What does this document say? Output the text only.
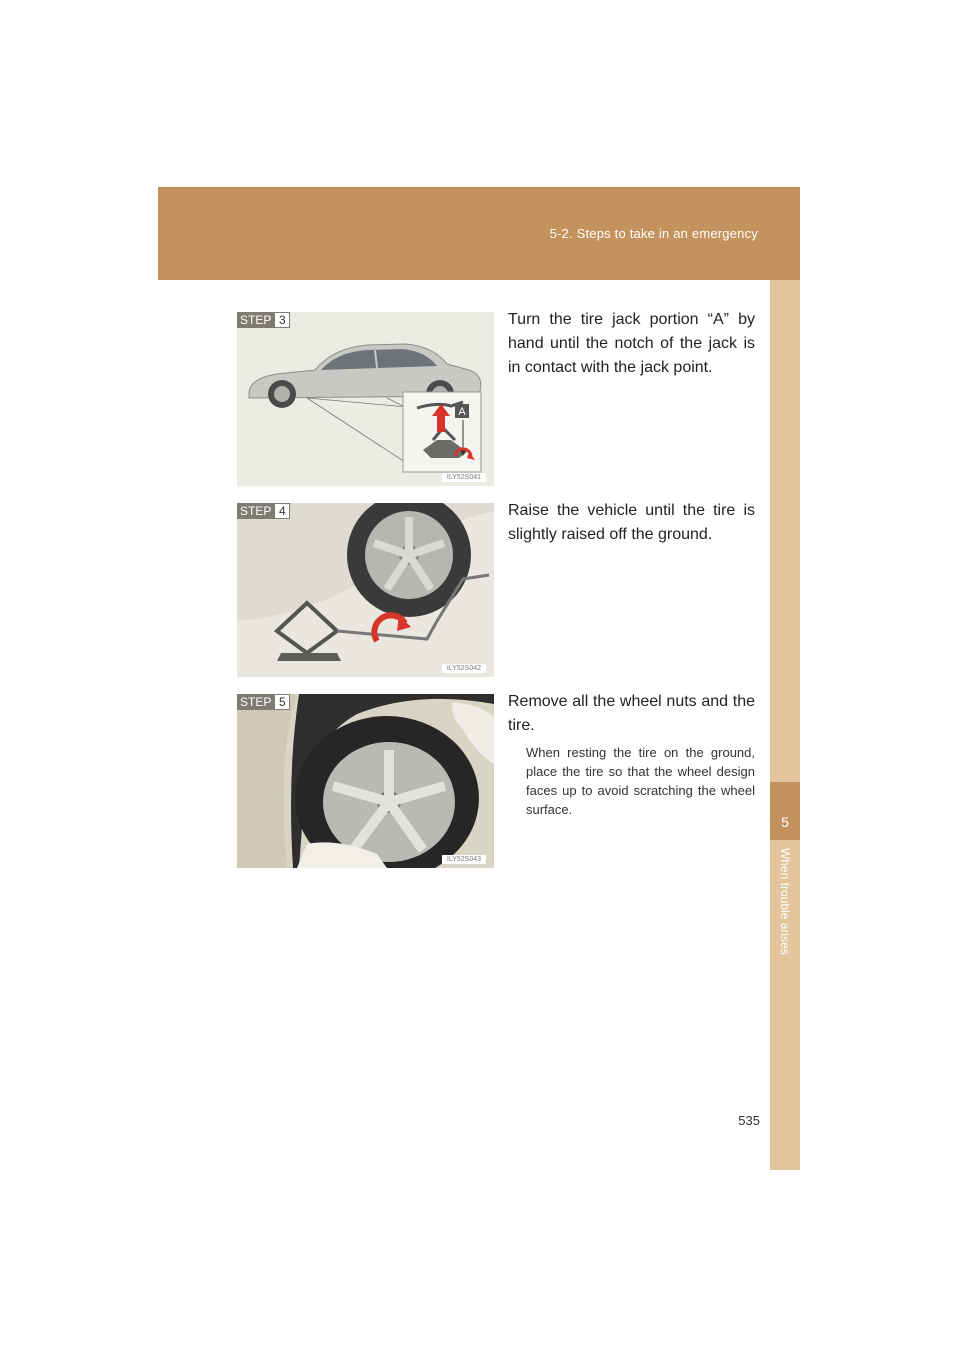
5-2. Steps to take in an emergency
5
When trouble arises
STEP 3
A
ILY52S041
Turn the tire jack portion “A” by hand until the notch of the jack is in contact with the jack point.
STEP 4
ILY52S042
Raise the vehicle until the tire is slightly raised off the ground.
STEP 5
ILY52S043
Remove all the wheel nuts and the tire.
When resting the tire on the ground, place the tire so that the wheel design faces up to avoid scratching the wheel surface.
535
